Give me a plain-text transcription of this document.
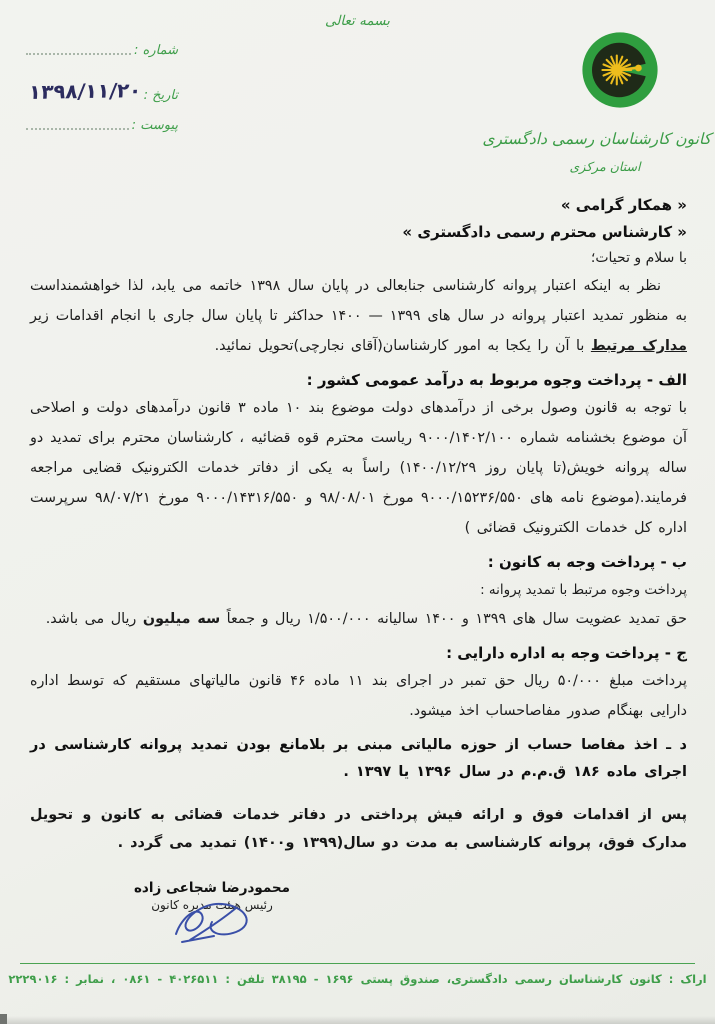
بسمه تعالی
شماره :
تاریخ :
۱۳۹۸/۱۱/۲۰
پیوست :
کانون کارشناسان رسمی دادگستری
استان مرکزی
« همکار گرامی »
« کارشناس محترم رسمی دادگستری »
با سلام و تحیات؛

نظر به اینکه اعتبار پروانه کارشناسی جنابعالی در پایان سال ۱۳۹۸ خاتمه می یابد، لذا خواهشمنداست به منظور تمدید اعتبار پروانه در سال های ۱۳۹۹ — ۱۴۰۰ حداکثر تا پایان سال جاری با انجام اقدامات زیر مدارک مرتبط با آن را یکجا به امور کارشناسان(آقای نجارچی)تحویل نمائید.

الف - پرداخت وجوه مربوط به درآمد عمومی کشور :

با توجه به قانون وصول برخی از درآمدهای دولت موضوع بند ۱۰ ماده ۳ قانون درآمدهای دولت و اصلاحی آن موضوع بخشنامه شماره ۹۰۰۰/۱۴۰۲/۱۰۰ ریاست محترم قوه قضائیه ، کارشناسان محترم برای تمدید دو ساله پروانه خویش(تا پایان روز ۱۴۰۰/۱۲/۲۹) راساً به یکی از دفاتر خدمات الکترونیک قضایی مراجعه فرمایند.(موضوع نامه های ۹۰۰۰/۱۵۲۳۶/۵۵۰ مورخ ۹۸/۰۸/۰۱ و ۹۰۰۰/۱۴۳۱۶/۵۵۰ مورخ ۹۸/۰۷/۲۱ سرپرست اداره کل خدمات الکترونیک قضائی )

ب - پرداخت وجه به کانون :
پرداخت وجوه مرتبط با تمدید پروانه :

حق تمدید عضویت سال های ۱۳۹۹ و ۱۴۰۰ سالیانه ۱/۵۰۰/۰۰۰ ریال و جمعاً سه میلیون ریال می باشد.

ج - پرداخت وجه به اداره دارایی :

پرداخت مبلغ ۵۰/۰۰۰ ریال حق تمبر در اجرای بند ۱۱ ماده ۴۶ قانون مالیاتهای مستقیم که توسط اداره دارایی بهنگام صدور مفاصاحساب اخذ میشود.

د ـ اخذ مفاصا حساب از حوزه مالیاتی مبنی بر بلامانع بودن تمدید پروانه کارشناسی در اجرای ماده ۱۸۶ ق.م.م در سال ۱۳۹۶ یا ۱۳۹۷ .

پس از اقدامات فوق و ارائه فیش پرداختی در دفاتر خدمات قضائی به کانون و تحویل مدارک فوق، پروانه کارشناسی به مدت دو سال(۱۳۹۹ و۱۴۰۰) تمدید می گردد .

محمودرضا شجاعی زاده
رئیس هیئت مدیره کانون
اراک : کانون کارشناسان رسمی دادگستری، صندوق پستی ۱۶۹۶ - ۳۸۱۹۵ تلفن : ۴۰۲۶۵۱۱ - ۰۸۶۱ ، نمابر : ۲۲۲۹۰۱۶
